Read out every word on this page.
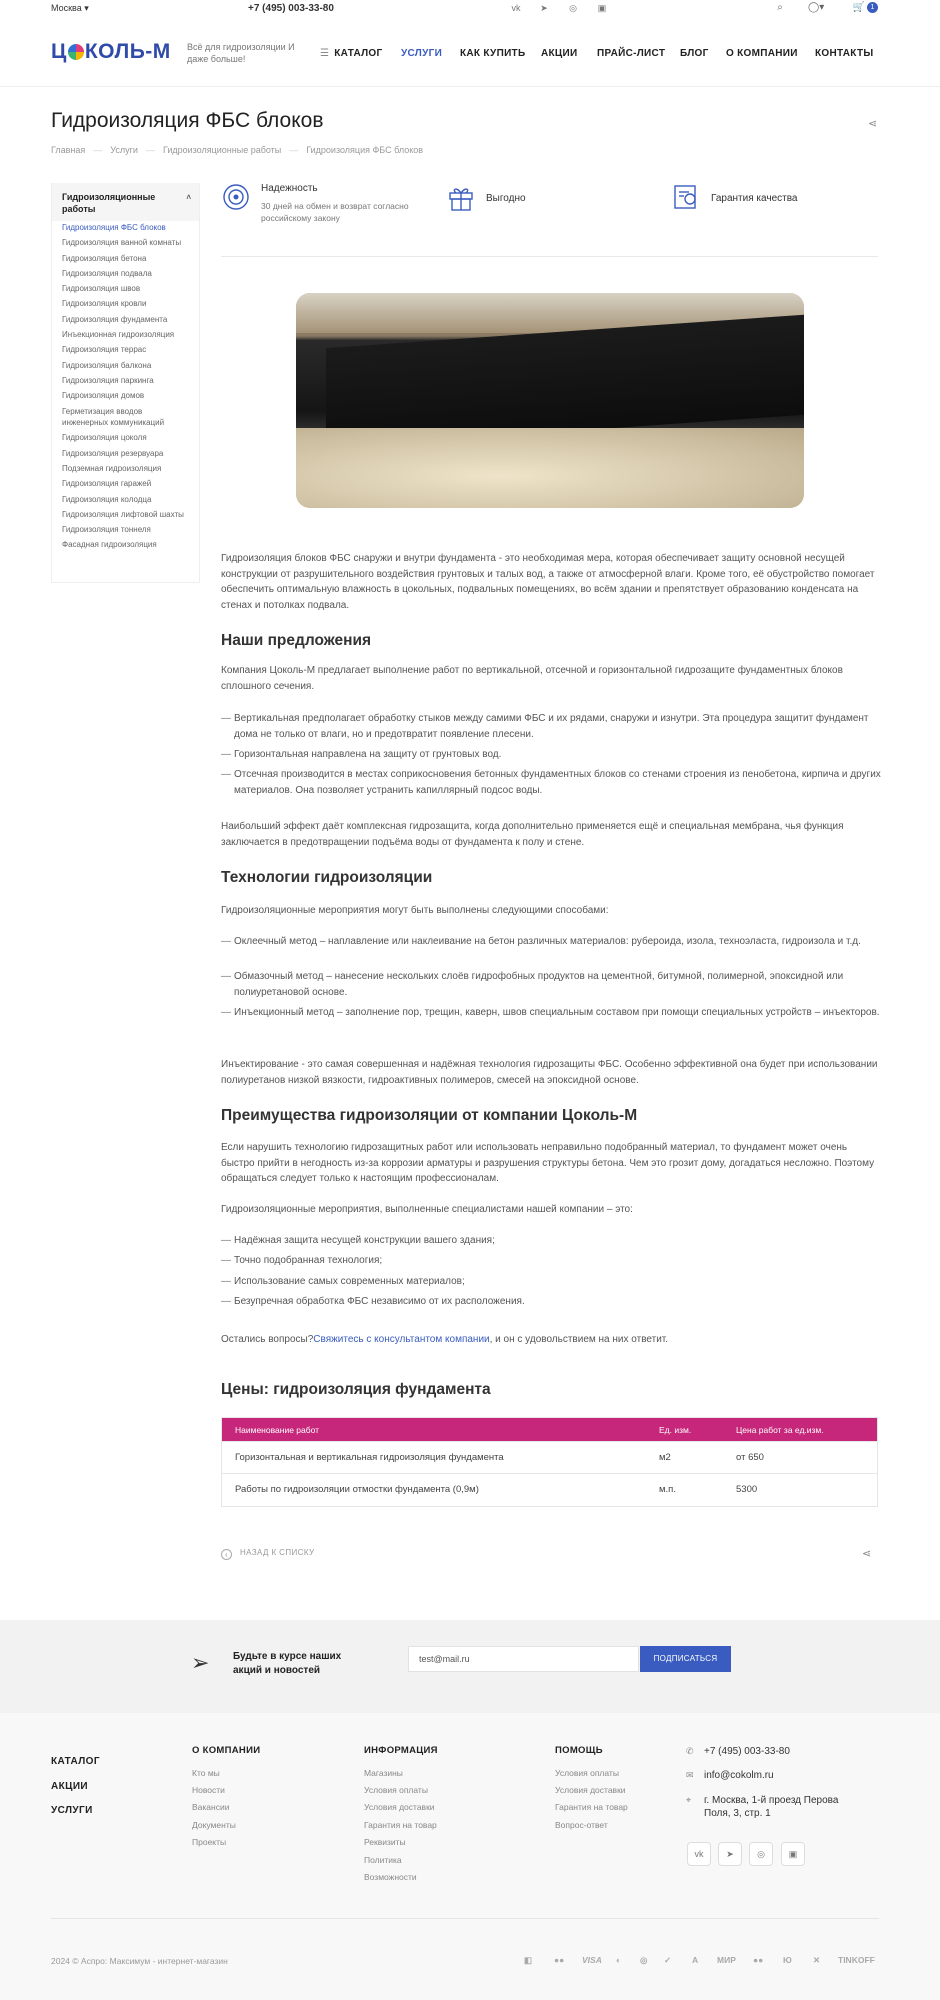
Москва ▾	+7 (495) 003-33-80	vk ➤ ◎ ▣	⌕	◯▾	🛒 1
Ц КОЛЬ-М Всё для гидроизоляции И даже больше!	☰ КАТАЛОГ УСЛУГИ КАК КУПИТЬ АКЦИИ ПРАЙС-ЛИСТ БЛОГ О КОМПАНИИ КОНТАКТЫ
Гидроизоляция ФБС блоков	⋖
Главная — Услуги — Гидроизоляционные работы — Гидроизоляция ФБС блоков
Гидроизоляционные работы
˄
Гидроизоляция ФБС блоков
Гидроизоляция ванной комнаты
Гидроизоляция бетона
Гидроизоляция подвала
Гидроизоляция швов
Гидроизоляция кровли
Гидроизоляция фундамента
Инъекционная гидроизоляция
Гидроизоляция террас
Гидроизоляция балкона
Гидроизоляция паркинга
Гидроизоляция домов
Герметизация вводов инженерных коммуникаций
Гидроизоляция цоколя
Гидроизоляция резервуара
Подземная гидроизоляция
Гидроизоляция гаражей
Гидроизоляция колодца
Гидроизоляция лифтовой шахты
Гидроизоляция тоннеля
Фасадная гидроизоляция
Надежность
30 дней на обмен и возврат согласно российскому закону
Выгодно	Гарантия качества

Гидроизоляция блоков ФБС снаружи и внутри фундамента - это необходимая мера, которая обеспечивает защиту основной несущей конструкции от разрушительного воздействия грунтовых и талых вод, а также от атмосферной влаги. Кроме того, её обустройство помогает обеспечить оптимальную влажность в цокольных, подвальных помещениях, во всём здании и препятствует образованию конденсата на стенах и потолках подвала.

Наши предложения

Компания Цоколь-М предлагает выполнение работ по вертикальной, отсечной и горизонтальной гидрозащите фундаментных блоков сплошного сечения.

— Вертикальная предполагает обработку стыков между самими ФБС и их рядами, снаружи и изнутри. Эта процедура защитит фундамент дома не только от влаги, но и предотвратит появление плесени.
— Горизонтальная направлена на защиту от грунтовых вод.
— Отсечная производится в местах соприкосновения бетонных фундаментных блоков со стенами строения из пенобетона, кирпича и других материалов. Она позволяет устранить капиллярный подсос воды.

Наибольший эффект даёт комплексная гидрозащита, когда дополнительно применяется ещё и специальная мембрана, чья функция заключается в предотвращении подъёма воды от фундамента к полу и стене.

Технологии гидроизоляции

Гидроизоляционные мероприятия могут быть выполнены следующими способами:

— Оклеечный метод – наплавление или наклеивание на бетон различных материалов: рубероида, изола, технoэласта, гидроизола и т.д.
— Обмазочный метод – нанесение нескольких слоёв гидрофобных продуктов на цементной, битумной, полимерной, эпоксидной или полиуретановой основе.
— Инъекционный метод – заполнение пор, трещин, каверн, швов специальным составом при помощи специальных устройств – инъекторов.

Инъектирование - это самая совершенная и надёжная технология гидрозащиты ФБС. Особенно эффективной она будет при использовании полиуретанов низкой вязкости, гидроактивных полимеров, смесей на эпоксидной основе.

Преимущества гидроизоляции от компании Цоколь-М

Если нарушить технологию гидрозащитных работ или использовать неправильно подобранный материал, то фундамент может очень быстро прийти в негодность из-за коррозии арматуры и разрушения структуры бетона. Чем это грозит дому, догадаться несложно. Поэтому обращаться следует только к настоящим профессионалам.

Гидроизоляционные мероприятия, выполненные специалистами нашей компании – это:

— Надёжная защита несущей конструкции вашего здания;
— Точно подобранная технология;
— Использование самых современных материалов;
— Безупречная обработка ФБС независимо от их расположения.

Остались вопросы?Свяжитесь с консультантом компании, и он с удовольствием на них ответит.

Цены: гидроизоляция фундамента
Наименование работ	Ед. изм.	Цена работ за ед.изм.
Горизонтальная и вертикальная гидроизоляция фундамента	м2	от 650
Работы по гидроизоляции отмостки фундамента (0,9м)	м.п.	5300
‹ НАЗАД К СПИСКУ	⋖
➢ Будьте в курсе наших акций и новостей
test@mail.ru	ПОДПИСАТЬСЯ
КАТАЛОГ
АКЦИИ
УСЛУГИ
О КОМПАНИИ
Кто мы
Новости
Вакансии
Документы
Проекты
ИНФОРМАЦИЯ
Магазины
Условия оплаты
Условия доставки
Гарантия на товар
Реквизиты
Политика
Возможности
ПОМОЩЬ
Условия оплаты
Условия доставки
Гарантия на товар
Вопрос-ответ
✆ +7 (495) 003-33-80
✉ info@cokolm.ru
⌖ г. Москва, 1-й проезд Перова Поля, 3, стр. 1
vk	➤	◎	▣
2024 © Аспро: Максимум - интернет-магазин	◧	●● VISA ◐ ◎ ✓ A МИР ●● Ю ✕ TINKOFF
